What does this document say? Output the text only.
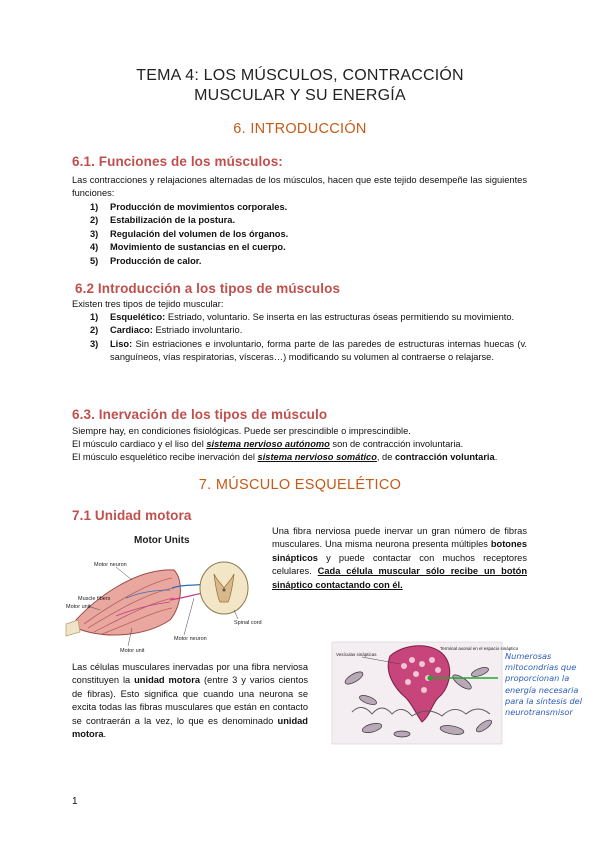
TEMA 4: LOS MÚSCULOS, CONTRACCIÓN
MUSCULAR Y SU ENERGÍA
6. INTRODUCCIÓN
6.1. Funciones de los músculos:
Las contracciones y relajaciones alternadas de los músculos, hacen que este tejido desempeñe las siguientes funciones:
1) Producción de movimientos corporales.
2) Estabilización de la postura.
3) Regulación del volumen de los órganos.
4) Movimiento de sustancias en el cuerpo.
5) Producción de calor.
6.2 Introducción a los tipos de músculos
Existen tres tipos de tejido muscular:
1) Esquelético: Estriado, voluntario. Se inserta en las estructuras óseas permitiendo su movimiento.
2) Cardiaco: Estriado involuntario.
3) Liso: Sin estriaciones e involuntario, forma parte de las paredes de estructuras internas huecas (v. sanguíneos, vías respiratorias, vísceras…) modificando su volumen al contraerse o relajarse.
6.3. Inervación de los tipos de músculo
Siempre hay, en condiciones fisiológicas. Puede ser prescindible o imprescindible.
El músculo cardiaco y el liso del sistema nervioso autónomo son de contracción involuntaria.
El músculo esquelético recibe inervación del sistema nervioso somático, de contracción voluntaria.
7. MÚSCULO ESQUELÉTICO
7.1 Unidad motora
Una fibra nerviosa puede inervar un gran número de fibras musculares. Una misma neurona presenta múltiples botones sinápticos y puede contactar con muchos receptores celulares. Cada célula muscular sólo recibe un botón sináptico contactando con él.
Motor Units
Motor neuron
Motor unit
Muscle fibers
Motor neuron
Spinal cord
Motor unit
Las células musculares inervadas por una fibra nerviosa constituyen la unidad motora (entre 3 y varios cientos de fibras). Esto significa que cuando una neurona se excita todas las fibras musculares que están en contacto se contraerán a la vez, lo que es denominado unidad motora.
Vesículas sinápticas
Terminal axonal en el espacio sináptico
Numerosas mitocondrias que proporcionan la energía necesaria para la síntesis del neurotransmisor
1
